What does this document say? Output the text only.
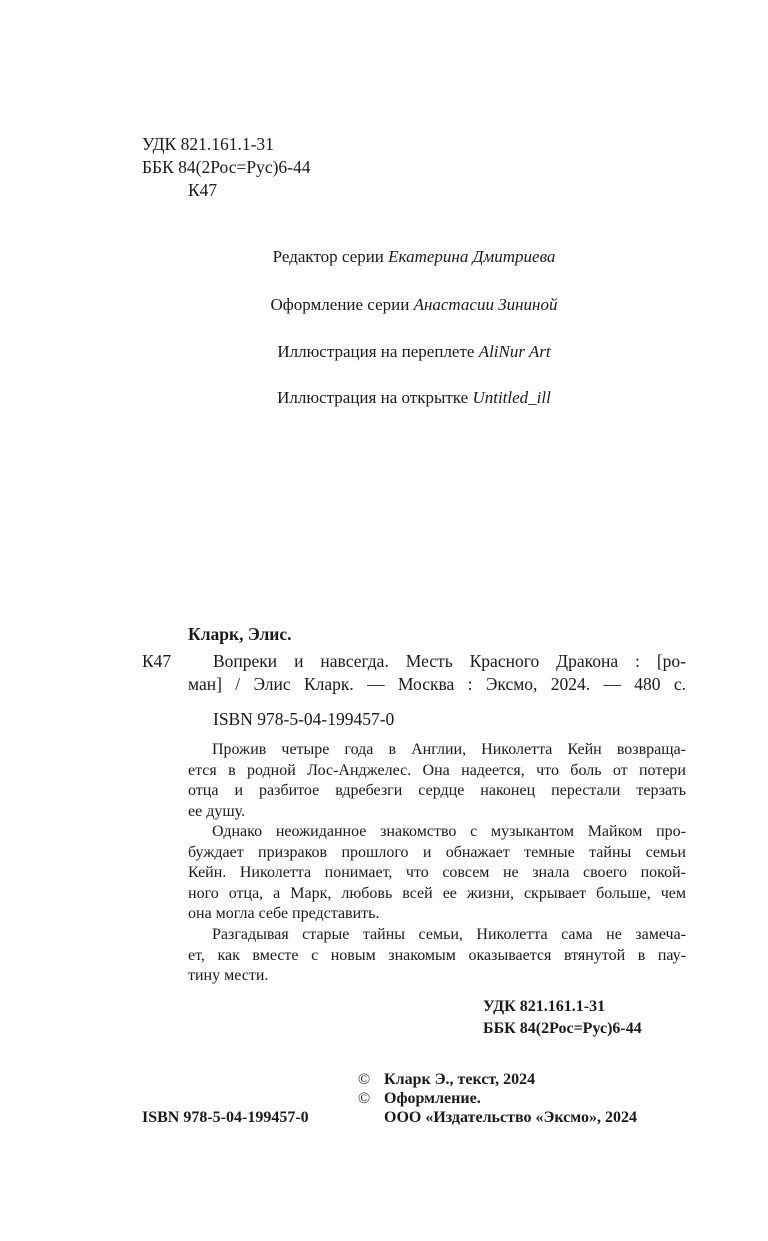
УДК 821.161.1-31
ББК 84(2Рос=Рус)6-44
К47
Редактор серии Екатерина Дмитриева
Оформление серии Анастасии Зининой
Иллюстрация на переплете AliNur Art
Иллюстрация на открытке Untitled_ill
Кларк, Элис.
К47 Вопреки и навсегда. Месть Красного Дракона : [ро-
ман] / Элис Кларк. — Москва : Эксмо, 2024. — 480 с.
ISBN 978-5-04-199457-0
Прожив четыре года в Англии, Николетта Кейн возвраща-
ется в родной Лос-Анджелес. Она надеется, что боль от потери
отца и разбитое вдребезги сердце наконец перестали терзать
ее душу.
Однако неожиданное знакомство с музыкантом Майком про-
буждает призраков прошлого и обнажает темные тайны семьи
Кейн. Николетта понимает, что совсем не знала своего покой-
ного отца, а Марк, любовь всей ее жизни, скрывает больше, чем
она могла себе представить.
Разгадывая старые тайны семьи, Николетта сама не замеча-
ет, как вместе с новым знакомым оказывается втянутой в пау-
тину мести.
УДК 821.161.1-31
ББК 84(2Рос=Рус)6-44
© Кларк Э., текст, 2024
© Оформление.
ISBN 978-5-04-199457-0	ООО «Издательство «Эксмо», 2024
